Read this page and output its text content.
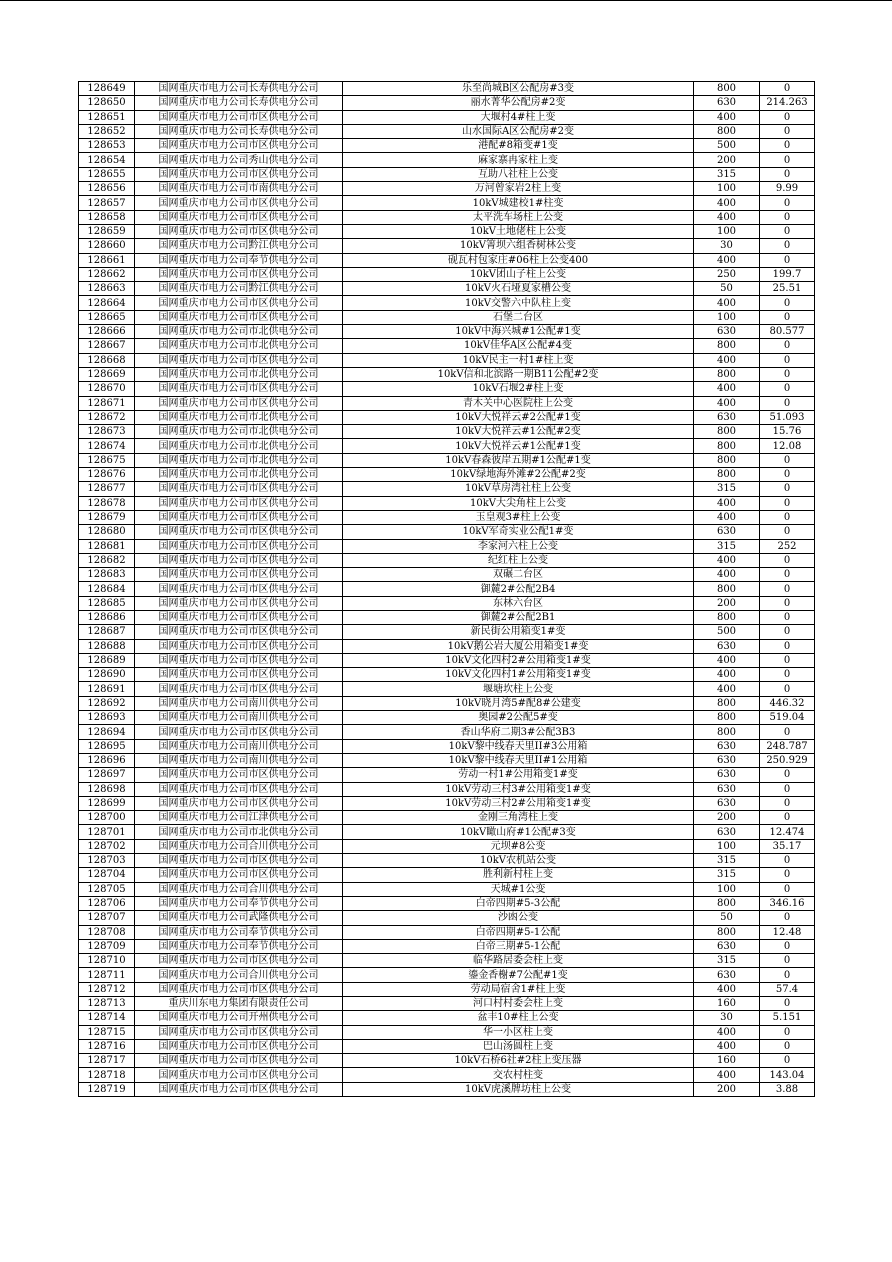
128649	国网重庆市电力公司长寿供电分公司	乐至尚城B区公配房#3变	800	0
128650	国网重庆市电力公司长寿供电分公司	丽水菁华公配房#2变	630	214.263
128651	国网重庆市电力公司市区供电分公司	大堰村4#柱上变	400	0
128652	国网重庆市电力公司长寿供电分公司	山水国际A区公配房#2变	800	0
128653	国网重庆市电力公司市区供电分公司	港配#8箱变#1变	500	0
128654	国网重庆市电力公司秀山供电分公司	麻家寨冉家柱上变	200	0
128655	国网重庆市电力公司市区供电分公司	互助八社柱上公变	315	0
128656	国网重庆市电力公司市南供电分公司	万河曾家岩2柱上变	100	9.99
128657	国网重庆市电力公司市区供电分公司	10kV城建校1#柱变	400	0
128658	国网重庆市电力公司市区供电分公司	太平洗车场柱上公变	400	0
128659	国网重庆市电力公司市区供电分公司	10kV土地佬柱上公变	100	0
128660	国网重庆市电力公司黔江供电分公司	10kV箐坝六组香树林公变	30	0
128661	国网重庆市电力公司奉节供电分公司	砚瓦村包家庄#06柱上公变400	400	0
128662	国网重庆市电力公司市区供电分公司	10kV团山子柱上公变	250	199.7
128663	国网重庆市电力公司黔江供电分公司	10kV火石垭夏家槽公变	50	25.51
128664	国网重庆市电力公司市区供电分公司	10kV交警六中队柱上变	400	0
128665	国网重庆市电力公司市区供电分公司	石堡二台区	100	0
128666	国网重庆市电力公司市北供电分公司	10kV中海兴城#1公配#1变	630	80.577
128667	国网重庆市电力公司市北供电分公司	10kV佳华A区公配#4变	800	0
128668	国网重庆市电力公司市区供电分公司	10kV民主一村1#柱上变	400	0
128669	国网重庆市电力公司市北供电分公司	10kV信和北滨路一期B11公配#2变	800	0
128670	国网重庆市电力公司市区供电分公司	10kV石堰2#柱上变	400	0
128671	国网重庆市电力公司市区供电分公司	青木关中心医院柱上公变	400	0
128672	国网重庆市电力公司市北供电分公司	10kV大悦祥云#2公配#1变	630	51.093
128673	国网重庆市电力公司市北供电分公司	10kV大悦祥云#1公配#2变	800	15.76
128674	国网重庆市电力公司市北供电分公司	10kV大悦祥云#1公配#1变	800	12.08
128675	国网重庆市电力公司市北供电分公司	10kV春森彼岸五期#1公配#1变	800	0
128676	国网重庆市电力公司市北供电分公司	10kV绿地海外滩#2公配#2变	800	0
128677	国网重庆市电力公司市区供电分公司	10kV草房湾社柱上公变	315	0
128678	国网重庆市电力公司市区供电分公司	10kV大尖角柱上公变	400	0
128679	国网重庆市电力公司市区供电分公司	玉皇观3#柱上公变	400	0
128680	国网重庆市电力公司市区供电分公司	10kV军奇实业公配1#变	630	0
128681	国网重庆市电力公司市区供电分公司	李家河六柱上公变	315	252
128682	国网重庆市电力公司市区供电分公司	纪红柱上公变	400	0
128683	国网重庆市电力公司市区供电分公司	双碾二台区	400	0
128684	国网重庆市电力公司市区供电分公司	御麓2#公配2B4	800	0
128685	国网重庆市电力公司市区供电分公司	东林六台区	200	0
128686	国网重庆市电力公司市区供电分公司	御麓2#公配2B1	800	0
128687	国网重庆市电力公司市区供电分公司	新民街公用箱变1#变	500	0
128688	国网重庆市电力公司市区供电分公司	10kV鹅公岩大厦公用箱变1#变	630	0
128689	国网重庆市电力公司市区供电分公司	10kV文化四村2#公用箱变1#变	400	0
128690	国网重庆市电力公司市区供电分公司	10kV文化四村1#公用箱变1#变	400	0
128691	国网重庆市电力公司市区供电分公司	堰塘坎柱上公变	400	0
128692	国网重庆市电力公司南川供电分公司	10kV晓月湾5#配8#公建变	800	446.32
128693	国网重庆市电力公司南川供电分公司	奥园#2公配5#变	800	519.04
128694	国网重庆市电力公司市区供电分公司	香山华府二期3#公配3B3	800	0
128695	国网重庆市电力公司南川供电分公司	10kV黎中线春天里II#3公用箱	630	248.787
128696	国网重庆市电力公司南川供电分公司	10kV黎中线春天里II#1公用箱	630	250.929
128697	国网重庆市电力公司市区供电分公司	劳动一村1#公用箱变1#变	630	0
128698	国网重庆市电力公司市区供电分公司	10kV劳动三村3#公用箱变1#变	630	0
128699	国网重庆市电力公司市区供电分公司	10kV劳动三村2#公用箱变1#变	630	0
128700	国网重庆市电力公司江津供电分公司	金刚三角湾柱上变	200	0
128701	国网重庆市电力公司市北供电分公司	10kV瞰山府#1公配#3变	630	12.474
128702	国网重庆市电力公司合川供电分公司	元坝#8公变	100	35.17
128703	国网重庆市电力公司市区供电分公司	10kV农机站公变	315	0
128704	国网重庆市电力公司市区供电分公司	胜利新村柱上变	315	0
128705	国网重庆市电力公司合川供电分公司	天城#1公变	100	0
128706	国网重庆市电力公司奉节供电分公司	白帝四期#5-3公配	800	346.16
128707	国网重庆市电力公司武隆供电分公司	沙凼公变	50	0
128708	国网重庆市电力公司奉节供电分公司	白帝四期#5-1公配	800	12.48
128709	国网重庆市电力公司奉节供电分公司	白帝三期#5-1公配	630	0
128710	国网重庆市电力公司市区供电分公司	临华路居委会柱上变	315	0
128711	国网重庆市电力公司合川供电分公司	鎏金香榭#7公配#1变	630	0
128712	国网重庆市电力公司市区供电分公司	劳动局宿舍1#柱上变	400	57.4
128713	重庆川东电力集团有限责任公司	河口村村委会柱上变	160	0
128714	国网重庆市电力公司开州供电分公司	盆丰10#柱上公变	30	5.151
128715	国网重庆市电力公司市区供电分公司	华一小区柱上变	400	0
128716	国网重庆市电力公司市区供电分公司	巴山汤圆柱上变	400	0
128717	国网重庆市电力公司市区供电分公司	10kV石桥6社#2柱上变压器	160	0
128718	国网重庆市电力公司市区供电分公司	交农村柱变	400	143.04
128719	国网重庆市电力公司市区供电分公司	10kV虎溪牌坊柱上公变	200	3.88
